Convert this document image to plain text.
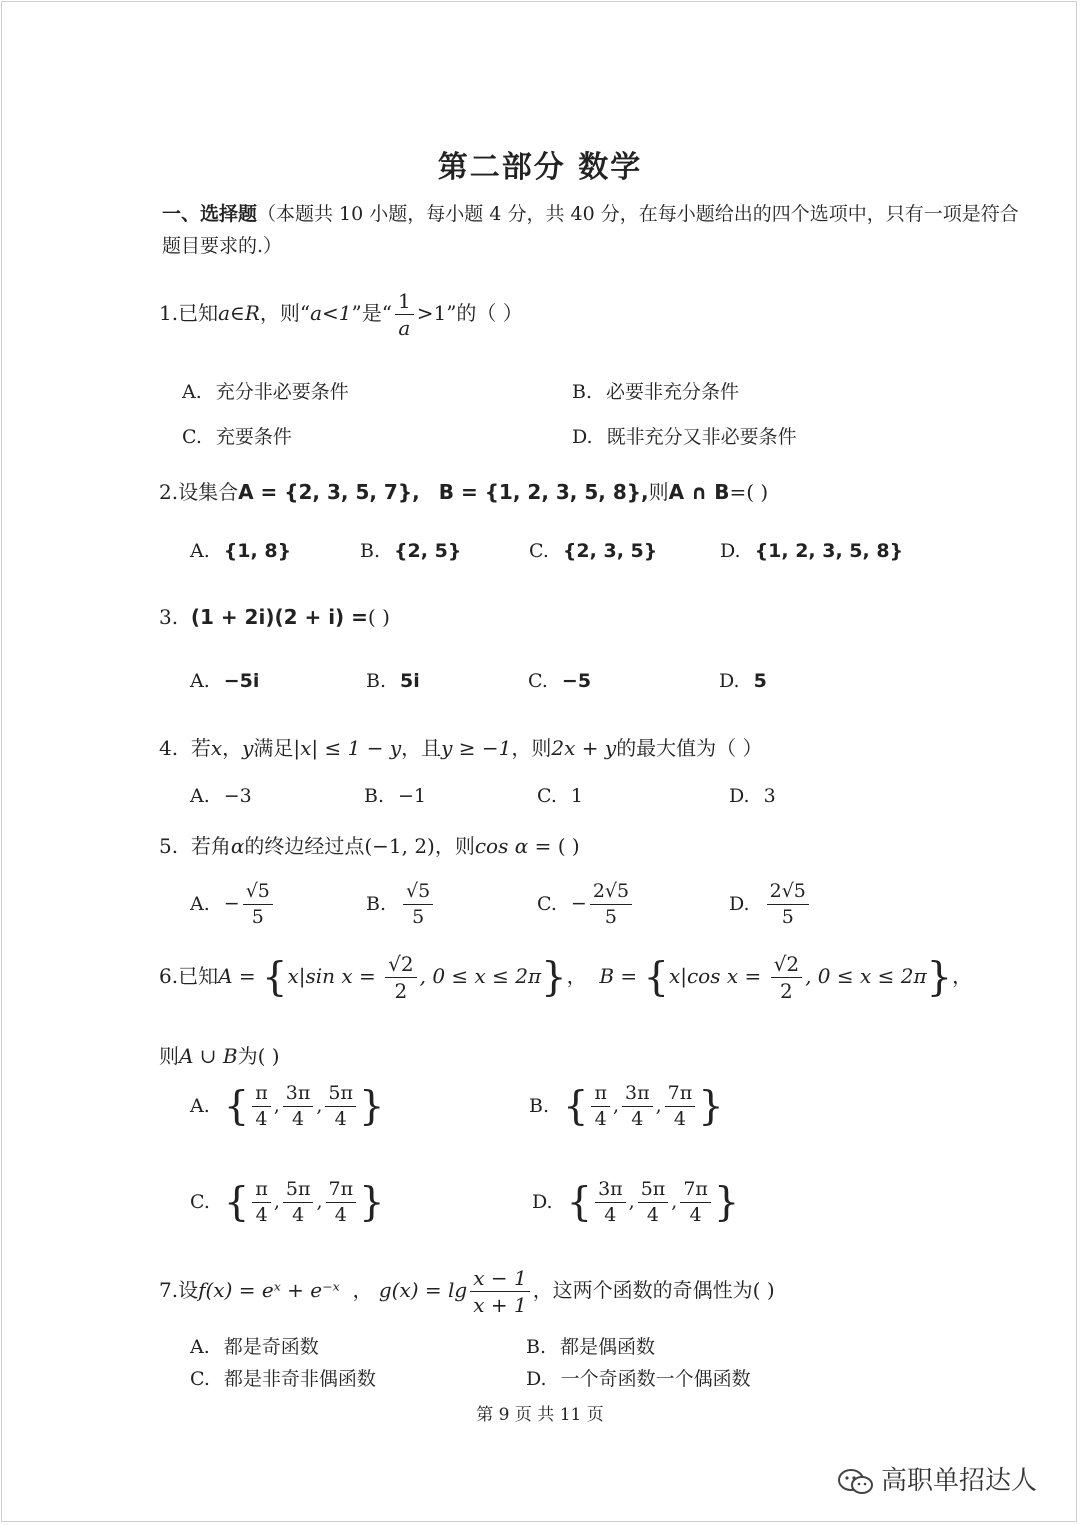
第二部分 数学
一、选择题（本题共 10 小题，每小题 4 分，共 40 分，在每小题给出的四个选项中，只有一项是符合题目要求的.）
1.已知a∈R，则“a<1”是“ $\frac{1}{a} >1$”的（ ）
A. 充分非必要条件	B. 必要非充分条件
C. 充要条件	D. 既非充分又非必要条件
2.设集合A = {2, 3, 5, 7}, B = {1, 2, 3, 5, 8},则A ∩ B=( )
A. {1, 8}	B. {2, 5}	C. {2, 3, 5}	D. {1, 2, 3, 5, 8}
3. (1 + 2i)(2 + i) =( )
A. −5i	B. 5i	C. −5	D. 5
4. 若x，y满足|x| ≤ 1 − y，且y ≥ −1，则2x + y的最大值为（ ）
A. −3	B. −1	C. 1	D. 3
5. 若角α的终边经过点(−1, 2)，则cos α = ( )
A. − $\frac{√5}{5}$	B. $\frac{√5}{5}$	C. − $\frac{2√5}{5}$	D. $\frac{2√5}{5}$
6.已知A = {x|sin $x = \frac{√2}{2}$ , 0 ≤ x ≤ 2π}， B = {x|cos $x = \frac{√2}{2}$ , 0 ≤ x ≤ 2π}，
则A ∪ B为( )
A. { $\frac{\pi}{4}$ , $\frac{3\pi}{4}$ , $\frac{5\pi}{4}$ }	B. { $\frac{\pi}{4}$ , $\frac{3\pi}{4}$ , $\frac{7\pi}{4}$ }
C. { $\frac{\pi}{4}$ , $\frac{5\pi}{4}$ , $\frac{7\pi}{4}$ }	D. { $\frac{3\pi}{4}$ , $\frac{5\pi}{4}$ , $\frac{7\pi}{4}$ }
7.设f(x) = eˣ + e⁻ˣ ， $g(x) = \lg \frac{x - 1}{x + 1}$ ，这两个函数的奇偶性为( )
A. 都是奇函数	B. 都是偶函数
C. 都是非奇非偶函数	D. 一个奇函数一个偶函数
第 9 页 共 11 页
高职单招达人
